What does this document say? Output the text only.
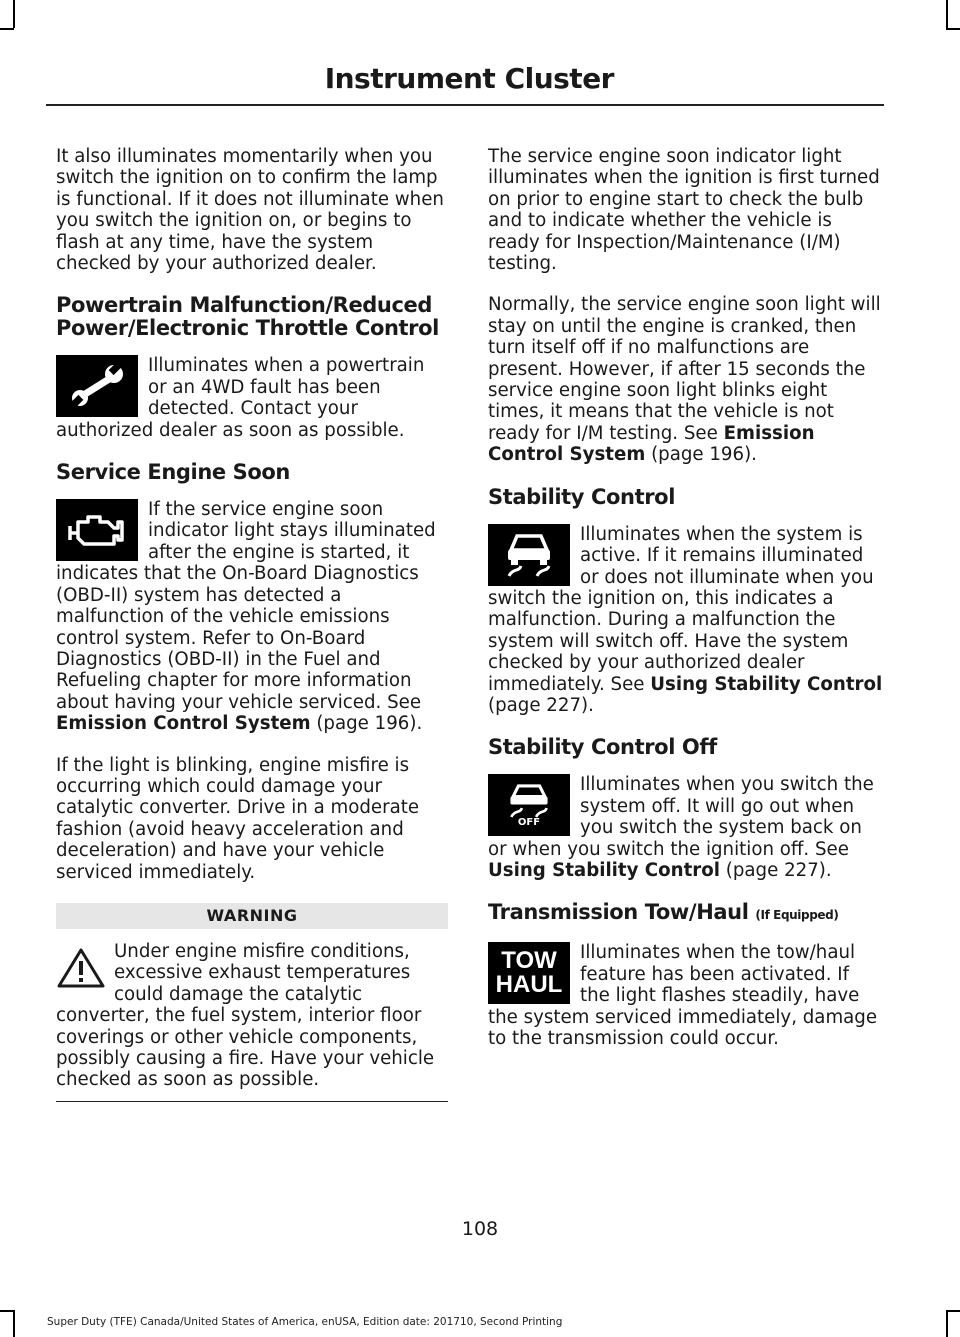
Instrument Cluster

It also illuminates momentarily when you switch the ignition on to confirm the lamp is functional. If it does not illuminate when you switch the ignition on, or begins to flash at any time, have the system checked by your authorized dealer.

Powertrain Malfunction/Reduced Power/Electronic Throttle Control
Illuminates when a powertrain or an 4WD fault has been detected. Contact your authorized dealer as soon as possible.
Service Engine Soon
If the service engine soon indicator light stays illuminated after the engine is started, it indicates that the On-Board Diagnostics (OBD-II) system has detected a malfunction of the vehicle emissions control system. Refer to On-Board Diagnostics (OBD-II) in the Fuel and Refueling chapter for more information about having your vehicle serviced. See Emission Control System (page 196).

If the light is blinking, engine misfire is occurring which could damage your catalytic converter. Drive in a moderate fashion (avoid heavy acceleration and deceleration) and have your vehicle serviced immediately.

WARNING
Under engine misfire conditions, excessive exhaust temperatures could damage the catalytic converter, the fuel system, interior floor coverings or other vehicle components, possibly causing a fire. Have your vehicle checked as soon as possible.

The service engine soon indicator light illuminates when the ignition is first turned on prior to engine start to check the bulb and to indicate whether the vehicle is ready for Inspection/Maintenance (I/M) testing.

Normally, the service engine soon light will stay on until the engine is cranked, then turn itself off if no malfunctions are present. However, if after 15 seconds the service engine soon light blinks eight times, it means that the vehicle is not ready for I/M testing. See Emission Control System (page 196).

Stability Control
Illuminates when the system is active. If it remains illuminated or does not illuminate when you switch the ignition on, this indicates a malfunction. During a malfunction the system will switch off. Have the system checked by your authorized dealer immediately. See Using Stability Control (page 227).
Stability Control Off
OFF
Illuminates when you switch the system off. It will go out when you switch the system back on or when you switch the ignition off. See Using Stability Control (page 227).
Transmission Tow/Haul (If Equipped)
TOW
HAUL
Illuminates when the tow/haul feature has been activated. If the light flashes steadily, have the system serviced immediately, damage to the transmission could occur.
108
Super Duty (TFE) Canada/United States of America, enUSA, Edition date: 201710, Second Printing
